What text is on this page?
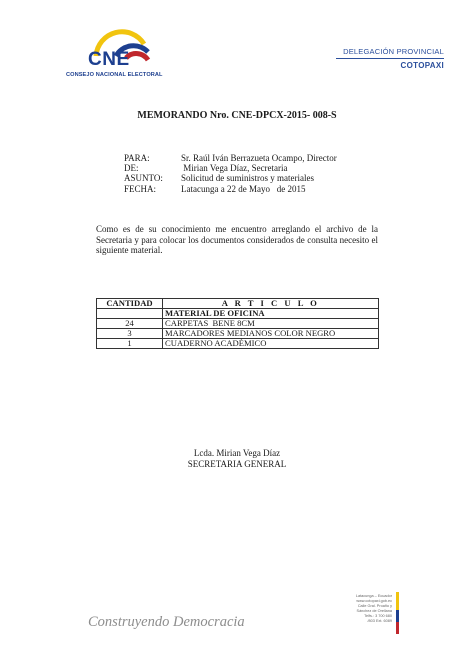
CNE
CONSEJO NACIONAL ELECTORAL
DELEGACIÓN PROVINCIAL
COTOPAXI
MEMORANDO Nro. CNE-DPCX-2015- 008-S
PARA:	Sr. Raúl Iván Berrazueta Ocampo, Director
DE:	Mirian Vega Díaz, Secretaria
ASUNTO:	Solicitud de suministros y materiales
FECHA:	Latacunga a 22 de Mayo   de 2015
Como es de su conocimiento me encuentro arreglando el archivo de la Secretaria y para colocar los documentos considerados de consulta necesito el siguiente material.
CANTIDAD	A R T I C U L O
	MATERIAL DE OFICINA
24	CARPETAS  BENE 8CM
3	MARCADORES MEDIANOS COLOR NEGRO
1	CUADERNO ACADÉMICO
Lcda. Mirian Vega Díaz
SECRETARIA GENERAL
Construyendo Democracia
Latacunga – Ecuador
www.cotopaxi.gob.ec
Calle Gral. Proaño y
Sánchez de Orellana
Telfs.: 3 700 680
/803 Ext. 6089
